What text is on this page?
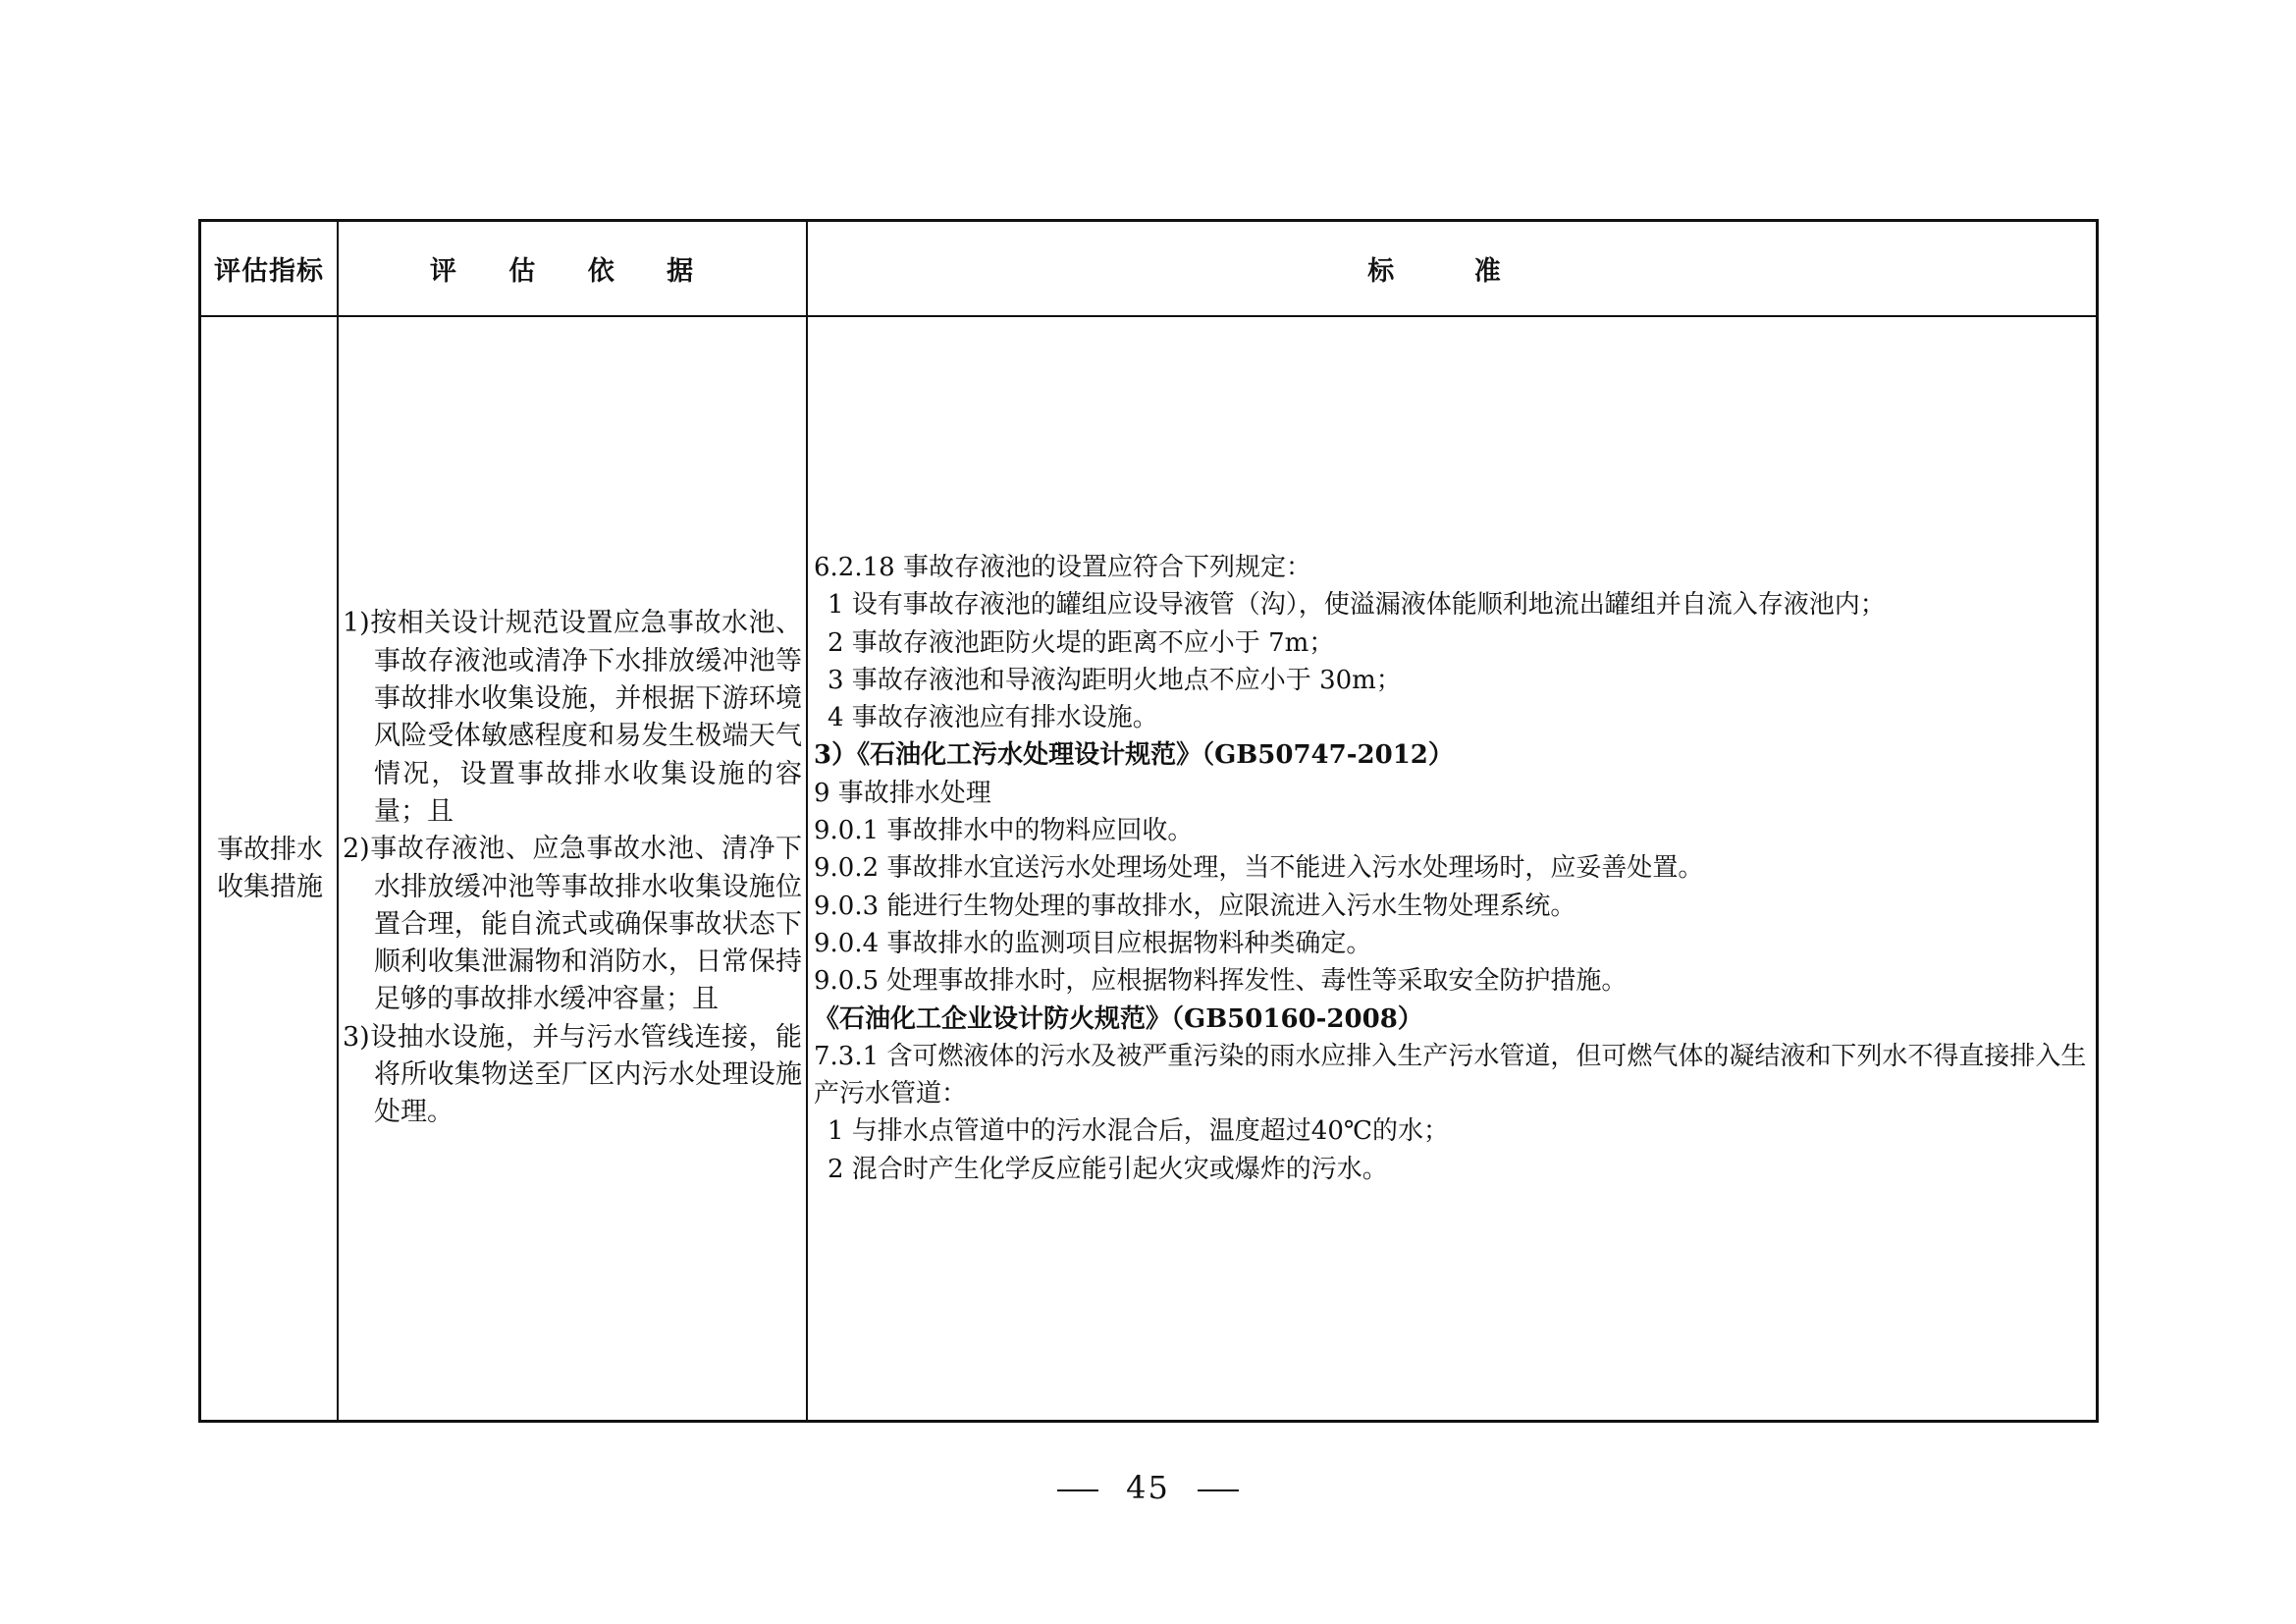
评估指标	评 估 依 据	标 准
事故排水收集措施
1)按相关设计规范设置应急事故水池、事故存液池或清净下水排放缓冲池等事故排水收集设施，并根据下游环境风险受体敏感程度和易发生极端天气情况，设置事故排水收集设施的容量；且
2)事故存液池、应急事故水池、清净下水排放缓冲池等事故排水收集设施位置合理，能自流式或确保事故状态下顺利收集泄漏物和消防水，日常保持足够的事故排水缓冲容量；且
3)设抽水设施，并与污水管线连接，能将所收集物送至厂区内污水处理设施处理。
6.2.18 事故存液池的设置应符合下列规定：
1 设有事故存液池的罐组应设导液管（沟），使溢漏液体能顺利地流出罐组并自流入存液池内；
2 事故存液池距防火堤的距离不应小于 7m；
3 事故存液池和导液沟距明火地点不应小于 30m；
4 事故存液池应有排水设施。
3）《石油化工污水处理设计规范》（GB50747-2012）
9 事故排水处理
9.0.1 事故排水中的物料应回收。
9.0.2 事故排水宜送污水处理场处理，当不能进入污水处理场时，应妥善处置。
9.0.3 能进行生物处理的事故排水，应限流进入污水生物处理系统。
9.0.4 事故排水的监测项目应根据物料种类确定。
9.0.5 处理事故排水时，应根据物料挥发性、毒性等采取安全防护措施。
《石油化工企业设计防火规范》（GB50160-2008）
7.3.1 含可燃液体的污水及被严重污染的雨水应排入生产污水管道，但可燃气体的凝结液和下列水不得直接排入生产污水管道：
1 与排水点管道中的污水混合后，温度超过40℃的水；
2 混合时产生化学反应能引起火灾或爆炸的污水。
45
